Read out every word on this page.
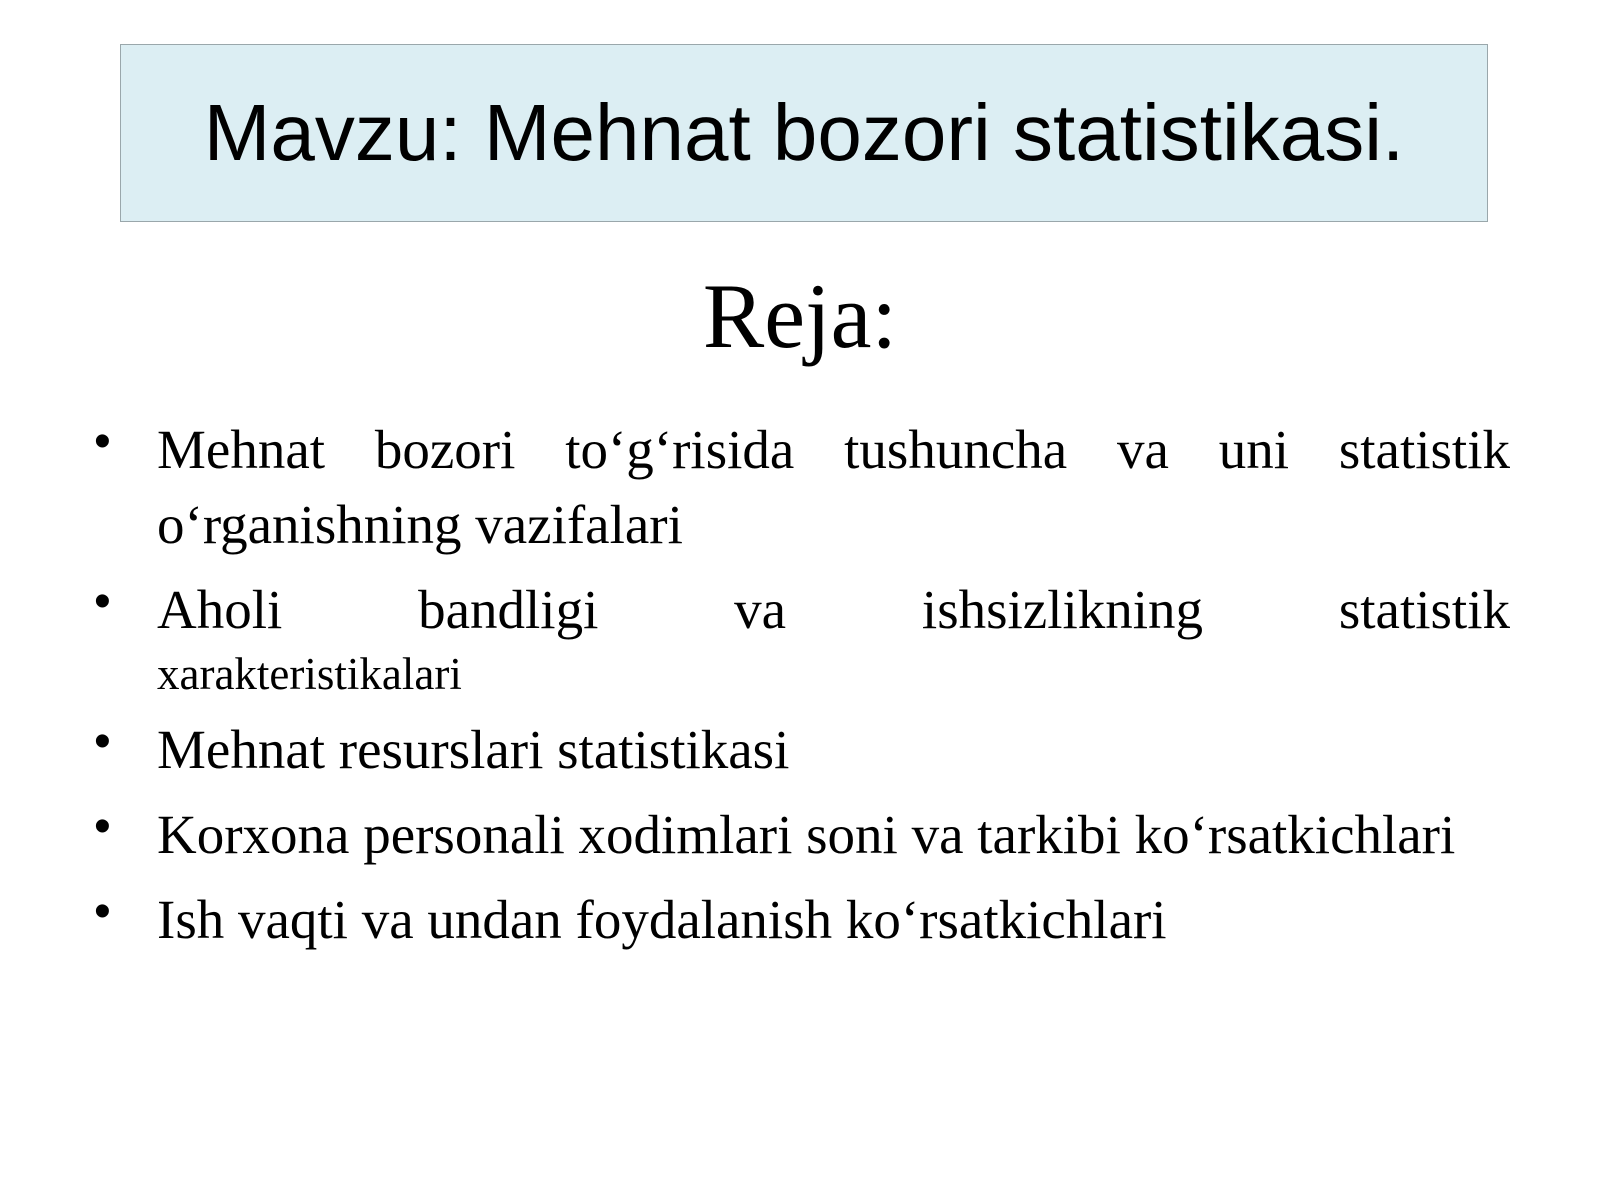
Mavzu: Mehnat bozori statistikasi.
Reja:
• Mehnat bozori to‘g‘risida tushuncha va uni statistik o‘rganishning vazifalari
• Aholi bandligi va ishsizlikning statistik
xarakteristikalari
• Mehnat resurslari statistikasi
• Korxona personali xodimlari soni va tarkibi ko‘rsatkichlari
• Ish vaqti va undan foydalanish ko‘rsatkichlari
